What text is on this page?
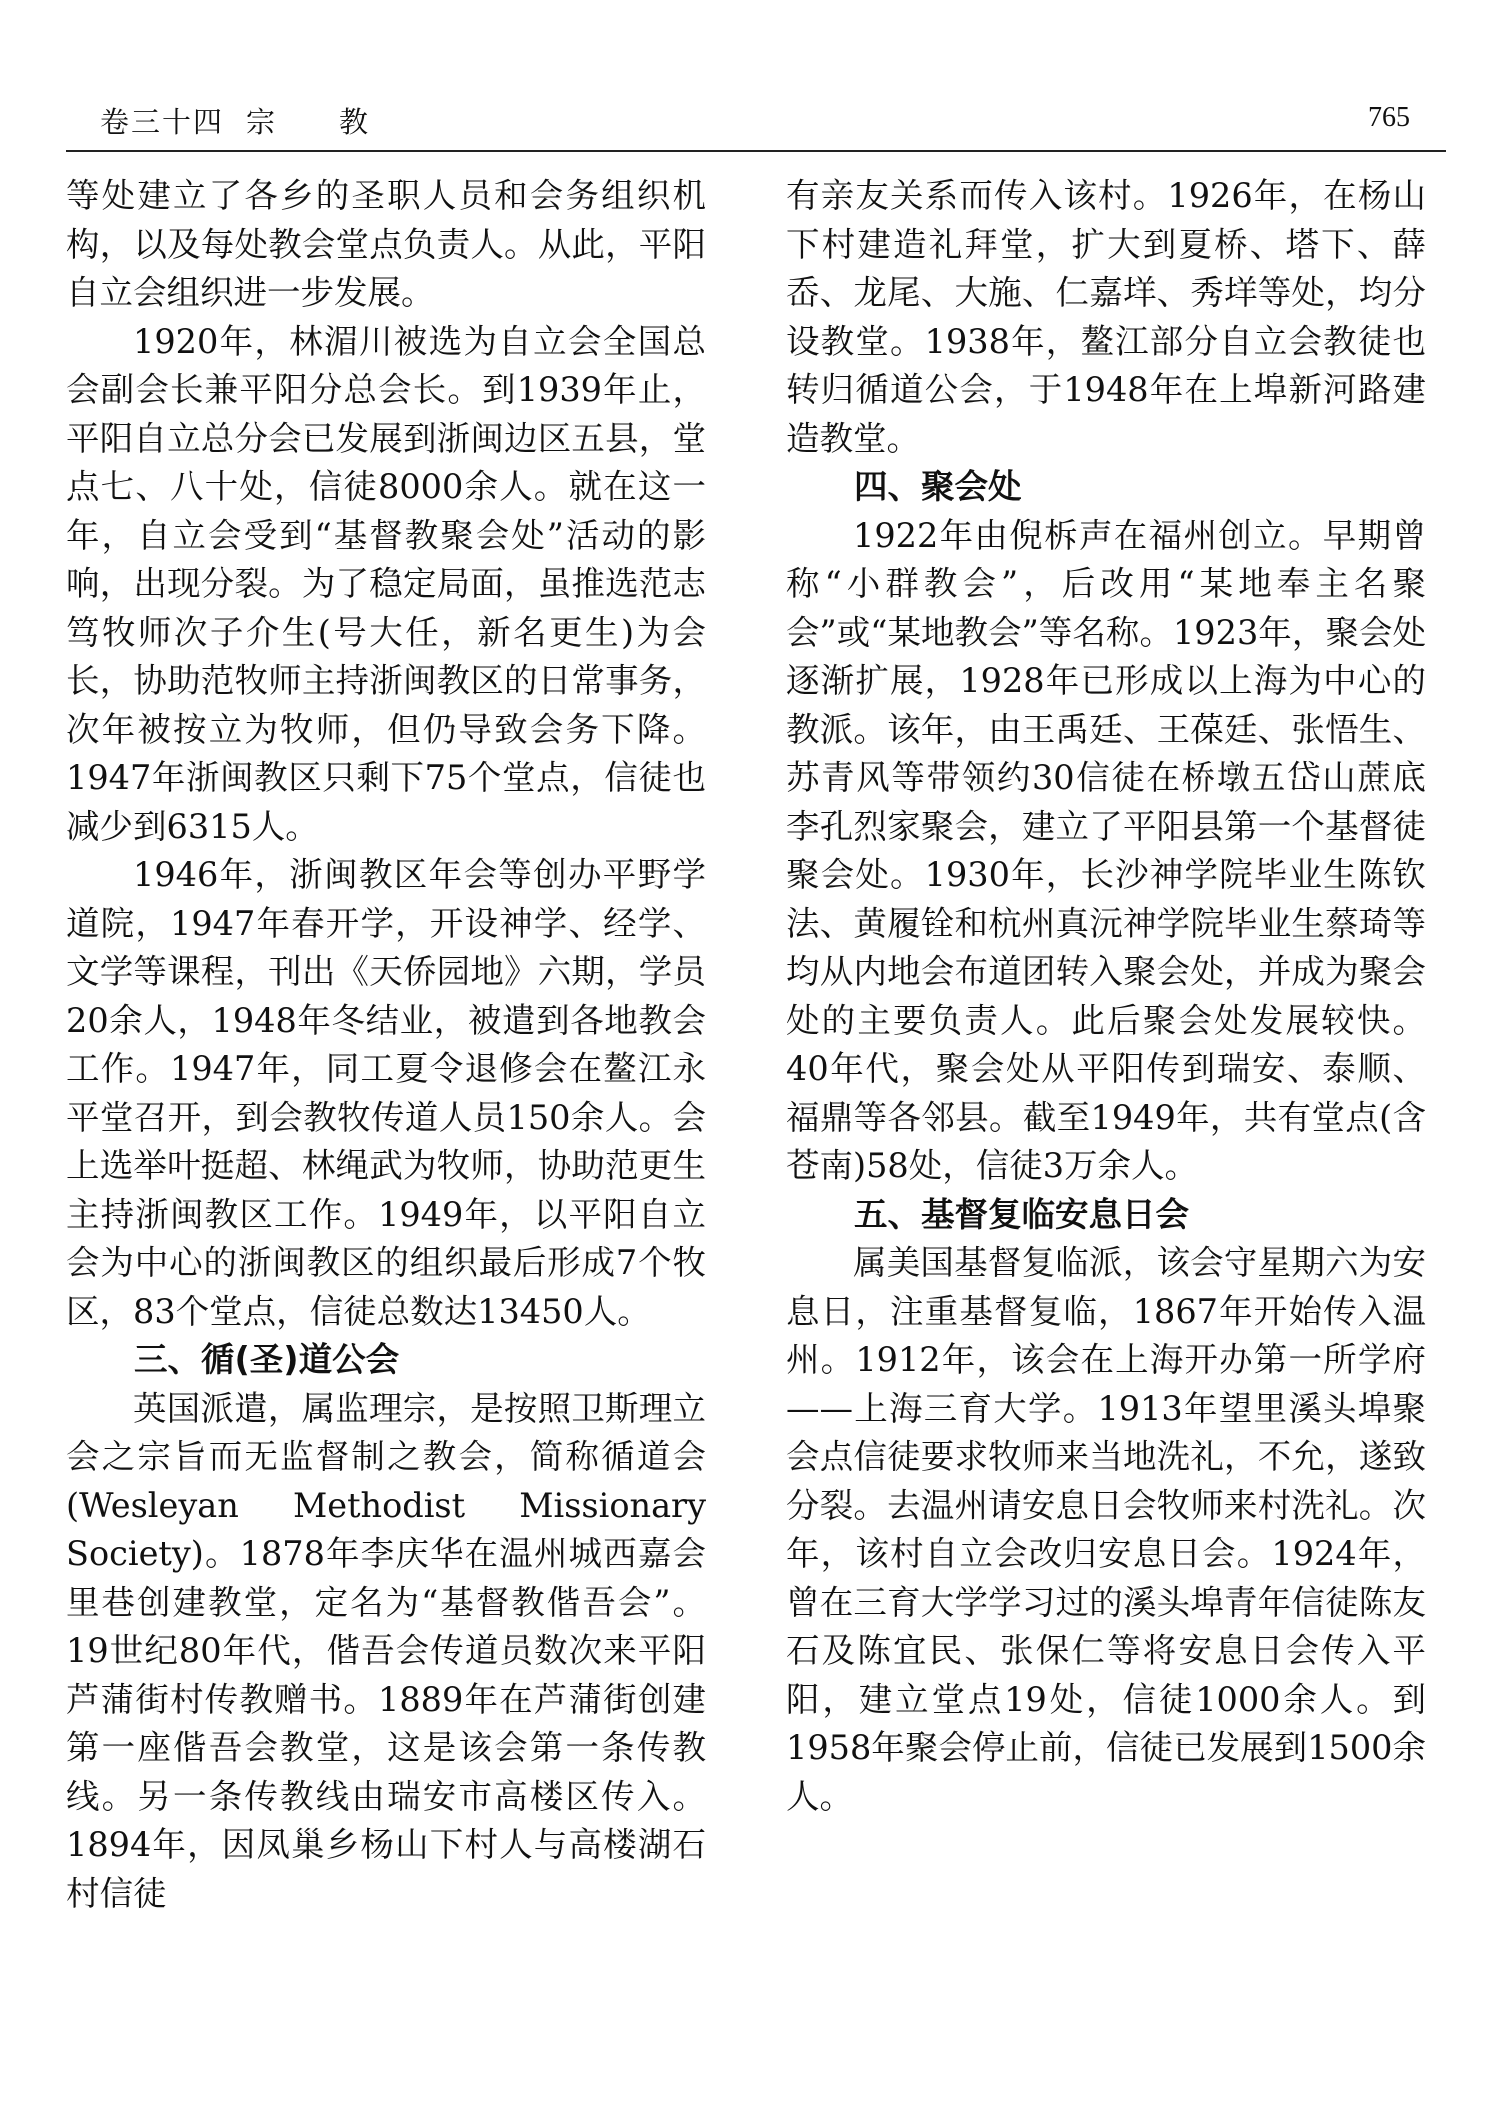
卷三十四 宗 教	765

等处建立了各乡的圣职人员和会务组织机构，以及每处教会堂点负责人。从此，平阳自立会组织进一步发展。

1920年，林湄川被选为自立会全国总会副会长兼平阳分总会长。到1939年止，平阳自立总分会已发展到浙闽边区五县，堂点七、八十处，信徒8000余人。就在这一年，自立会受到“基督教聚会处”活动的影响，出现分裂。为了稳定局面，虽推选范志笃牧师次子介生(号大任，新名更生)为会长，协助范牧师主持浙闽教区的日常事务，次年被按立为牧师，但仍导致会务下降。1947年浙闽教区只剩下75个堂点，信徒也减少到6315人。

1946年，浙闽教区年会等创办平野学道院，1947年春开学，开设神学、经学、文学等课程，刊出《天侨园地》六期，学员20余人，1948年冬结业，被遣到各地教会工作。1947年，同工夏令退修会在鳌江永平堂召开，到会教牧传道人员150余人。会上选举叶挺超、林绳武为牧师，协助范更生主持浙闽教区工作。1949年，以平阳自立会为中心的浙闽教区的组织最后形成7个牧区，83个堂点，信徒总数达13450人。

三、循(圣)道公会

英国派遣，属监理宗，是按照卫斯理立会之宗旨而无监督制之教会，简称循道会(Wesleyan Methodist Missionary Society)。1878年李庆华在温州城西嘉会里巷创建教堂，定名为“基督教偕吾会”。19世纪80年代，偕吾会传道员数次来平阳芦蒲街村传教赠书。1889年在芦蒲街创建第一座偕吾会教堂，这是该会第一条传教线。另一条传教线由瑞安市高楼区传入。1894年，因凤巢乡杨山下村人与高楼湖石村信徒

有亲友关系而传入该村。1926年，在杨山下村建造礼拜堂，扩大到夏桥、塔下、薛岙、龙尾、大施、仁嘉垟、秀垟等处，均分设教堂。1938年，鳌江部分自立会教徒也转归循道公会，于1948年在上埠新河路建造教堂。

四、聚会处

1922年由倪柝声在福州创立。早期曾称“小群教会”，后改用“某地奉主名聚会”或“某地教会”等名称。1923年，聚会处逐渐扩展，1928年已形成以上海为中心的教派。该年，由王禹廷、王葆廷、张悟生、苏青风等带领约30信徒在桥墩五岱山蔗底李孔烈家聚会，建立了平阳县第一个基督徒聚会处。1930年，长沙神学院毕业生陈钦法、黄履铨和杭州真沅神学院毕业生蔡琦等均从内地会布道团转入聚会处，并成为聚会处的主要负责人。此后聚会处发展较快。40年代，聚会处从平阳传到瑞安、泰顺、福鼎等各邻县。截至1949年，共有堂点(含苍南)58处，信徒3万余人。

五、基督复临安息日会

属美国基督复临派，该会守星期六为安息日，注重基督复临，1867年开始传入温州。1912年，该会在上海开办第一所学府——上海三育大学。1913年望里溪头埠聚会点信徒要求牧师来当地洗礼，不允，遂致分裂。去温州请安息日会牧师来村洗礼。次年，该村自立会改归安息日会。1924年，曾在三育大学学习过的溪头埠青年信徒陈友石及陈宜民、张保仁等将安息日会传入平阳，建立堂点19处，信徒1000余人。到1958年聚会停止前，信徒已发展到1500余人。
